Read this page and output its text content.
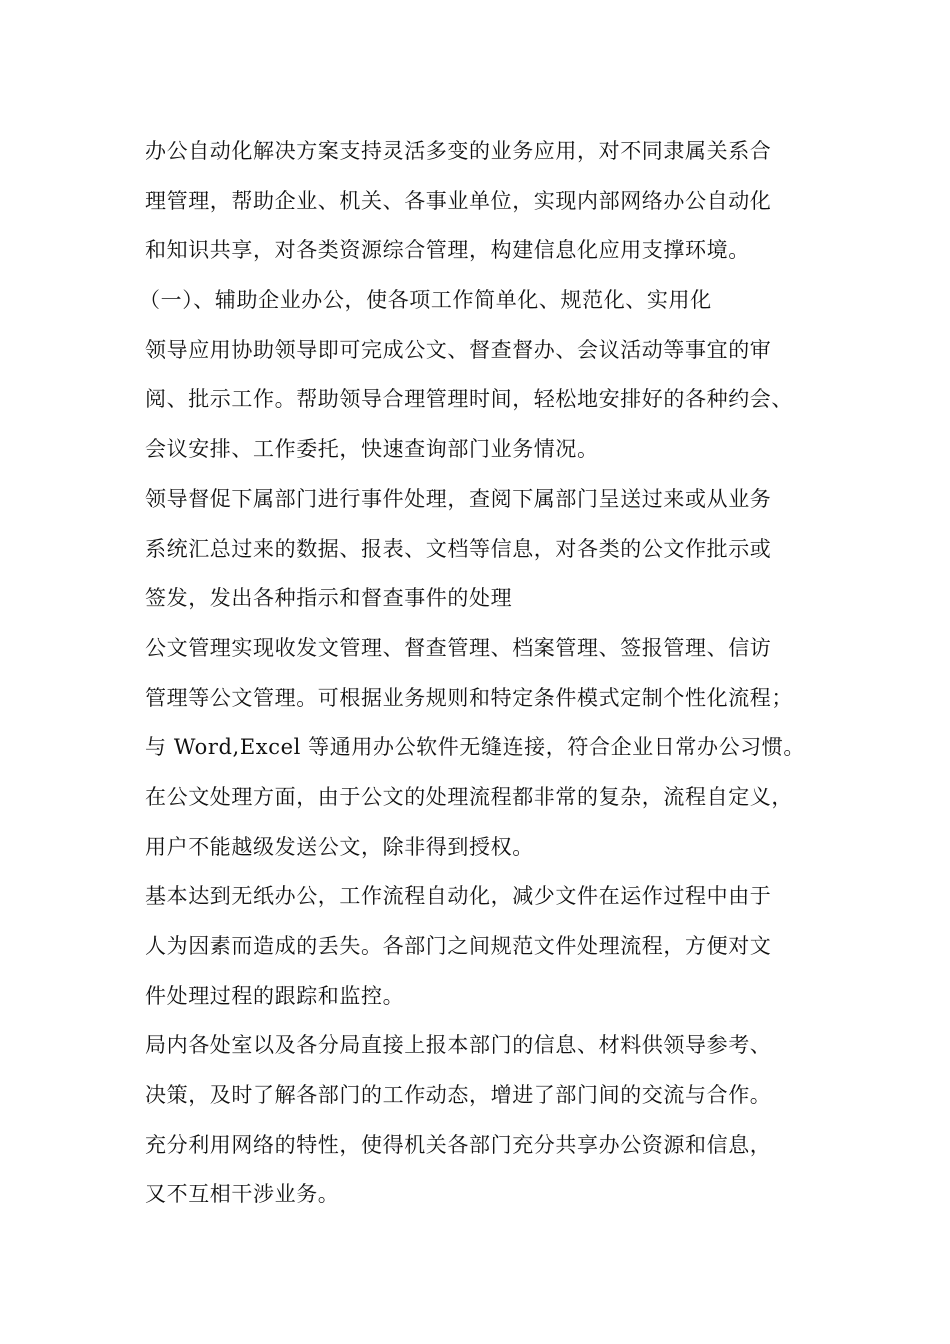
办公自动化解决方案支持灵活多变的业务应用，对不同隶属关系合
理管理，帮助企业、机关、各事业单位，实现内部网络办公自动化
和知识共享，对各类资源综合管理，构建信息化应用支撑环境。
（一）、辅助企业办公，使各项工作简单化、规范化、实用化
领导应用协助领导即可完成公文、督查督办、会议活动等事宜的审
阅、批示工作。帮助领导合理管理时间，轻松地安排好的各种约会、
会议安排、工作委托，快速查询部门业务情况。
领导督促下属部门进行事件处理，查阅下属部门呈送过来或从业务
系统汇总过来的数据、报表、文档等信息，对各类的公文作批示或
签发，发出各种指示和督查事件的处理
公文管理实现收发文管理、督查管理、档案管理、签报管理、信访
管理等公文管理。可根据业务规则和特定条件模式定制个性化流程；
与 Word,Excel 等通用办公软件无缝连接，符合企业日常办公习惯。
在公文处理方面，由于公文的处理流程都非常的复杂，流程自定义，
用户不能越级发送公文，除非得到授权。
基本达到无纸办公，工作流程自动化，减少文件在运作过程中由于
人为因素而造成的丢失。各部门之间规范文件处理流程，方便对文
件处理过程的跟踪和监控。
局内各处室以及各分局直接上报本部门的信息、材料供领导参考、
决策，及时了解各部门的工作动态，增进了部门间的交流与合作。
充分利用网络的特性，使得机关各部门充分共享办公资源和信息，
又不互相干涉业务。
